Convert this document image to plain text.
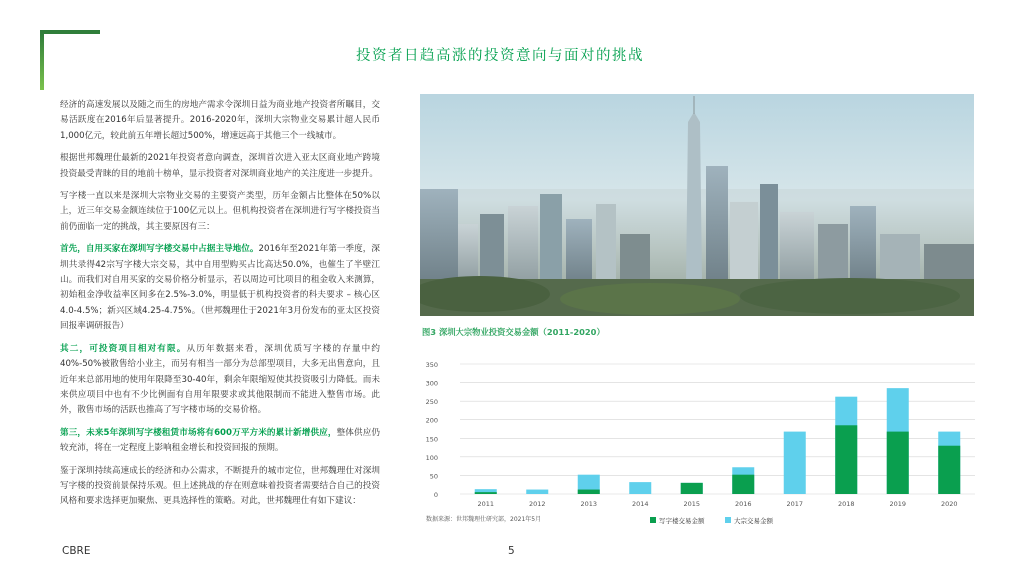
投资者日趋高涨的投资意向与面对的挑战

经济的高速发展以及随之而生的房地产需求令深圳日益为商业地产投资者所瞩目，交易活跃度在2016年后显著提升。2016-2020年，深圳大宗物业交易累计超人民币1,000亿元，较此前五年增长超过500%，增速远高于其他三个一线城市。

根据世邦魏理仕最新的2021年投资者意向调查，深圳首次进入亚太区商业地产跨境投资最受青睐的目的地前十榜单，显示投资者对深圳商业地产的关注度进一步提升。

写字楼一直以来是深圳大宗物业交易的主要资产类型，历年金额占比整体在50%以上，近三年交易金额连续位于100亿元以上。但机构投资者在深圳进行写字楼投资当前仍面临一定的挑战，其主要原因有三：

首先，自用买家在深圳写字楼交易中占据主导地位。2016年至2021年第一季度，深圳共录得42宗写字楼大宗交易，其中自用型购买占比高达50.0%，也催生了半壁江山。而我们对自用买家的交易价格分析显示，若以周边可比项目的租金收入来测算，初始租金净收益率区间多在2.5%-3.0%，明显低于机构投资者的科夫要求 – 核心区4.0-4.5%；新兴区域4.25-4.75%。（世邦魏理仕于2021年3月份发布的亚太区投资回报率调研报告）

其二，可投资项目相对有限。从历年数据来看，深圳优质写字楼的存量中约40%-50%被散售给小业主，而另有相当一部分为总部型项目，大多无出售意向，且近年来总部用地的使用年限降至30-40年，剩余年限缩短使其投资吸引力降低。而未来供应项目中也有不少比例面有自用年限要求或其他限制而不能进入整售市场。此外，散售市场的活跃也推高了写字楼市场的交易价格。

第三，未来5年深圳写字楼租赁市场将有600万平方米的累计新增供应，整体供应仍较充沛，将在一定程度上影响租金增长和投资回报的预期。

鉴于深圳持续高速成长的经济和办公需求，不断提升的城市定位，世邦魏理仕对深圳写字楼的投资前景保持乐观。但上述挑战的存在则意味着投资者需要结合自己的投资风格和要求选择更加聚焦、更具选择性的策略。对此，世邦魏理仕有如下建议：

图3 深圳大宗物业投资交易金额（2011-2020）
0
50
100
150
200
250
300
350
2011	2012	2013	2014	2015	2016	2017	2018	2019	2020
写字楼交易金额	大宗交易金额
数据来源：世邦魏理仕研究部，2021年5月
CBRE	5
